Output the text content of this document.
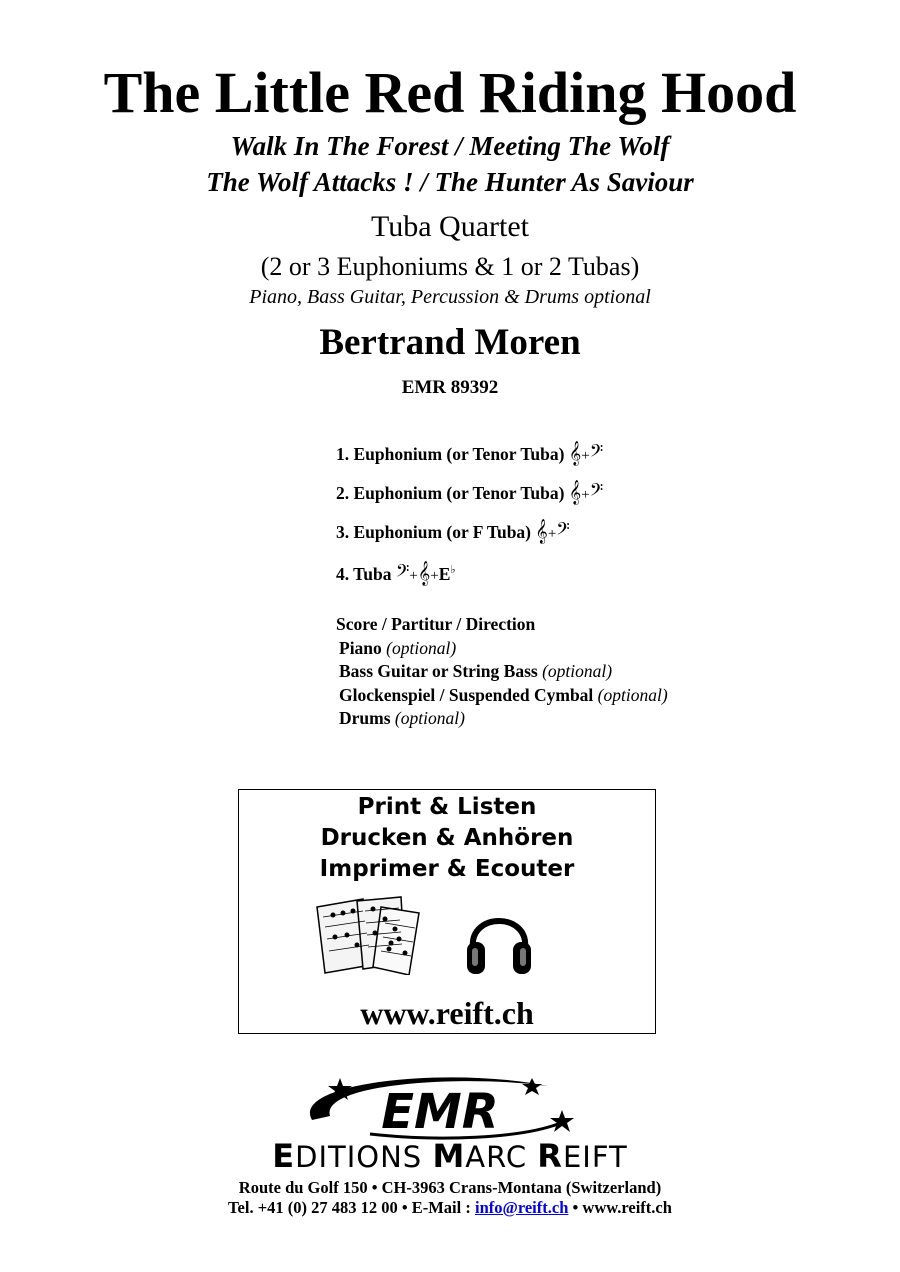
The Little Red Riding Hood
Walk In The Forest / Meeting The Wolf
The Wolf Attacks ! / The Hunter As Saviour
Tuba Quartet
(2 or 3 Euphoniums & 1 or 2 Tubas)
Piano, Bass Guitar, Percussion & Drums optional
Bertrand Moren
EMR 89392
1. Euphonium (or Tenor Tuba) 𝄞+𝄢
2. Euphonium (or Tenor Tuba) 𝄞+𝄢
3. Euphonium (or F Tuba) 𝄞+𝄢
4. Tuba 𝄢+𝄞+E♭
Score / Partitur / Direction
Piano (optional)
Bass Guitar or String Bass (optional)
Glockenspiel / Suspended Cymbal (optional)
Drums (optional)
Print & Listen
Drucken & Anhören
Imprimer & Ecouter
www.reift.ch
EMR
EDITIONS MARC REIFT
Route du Golf 150 • CH-3963 Crans-Montana (Switzerland)
Tel. +41 (0) 27 483 12 00 • E-Mail : info@reift.ch • www.reift.ch
